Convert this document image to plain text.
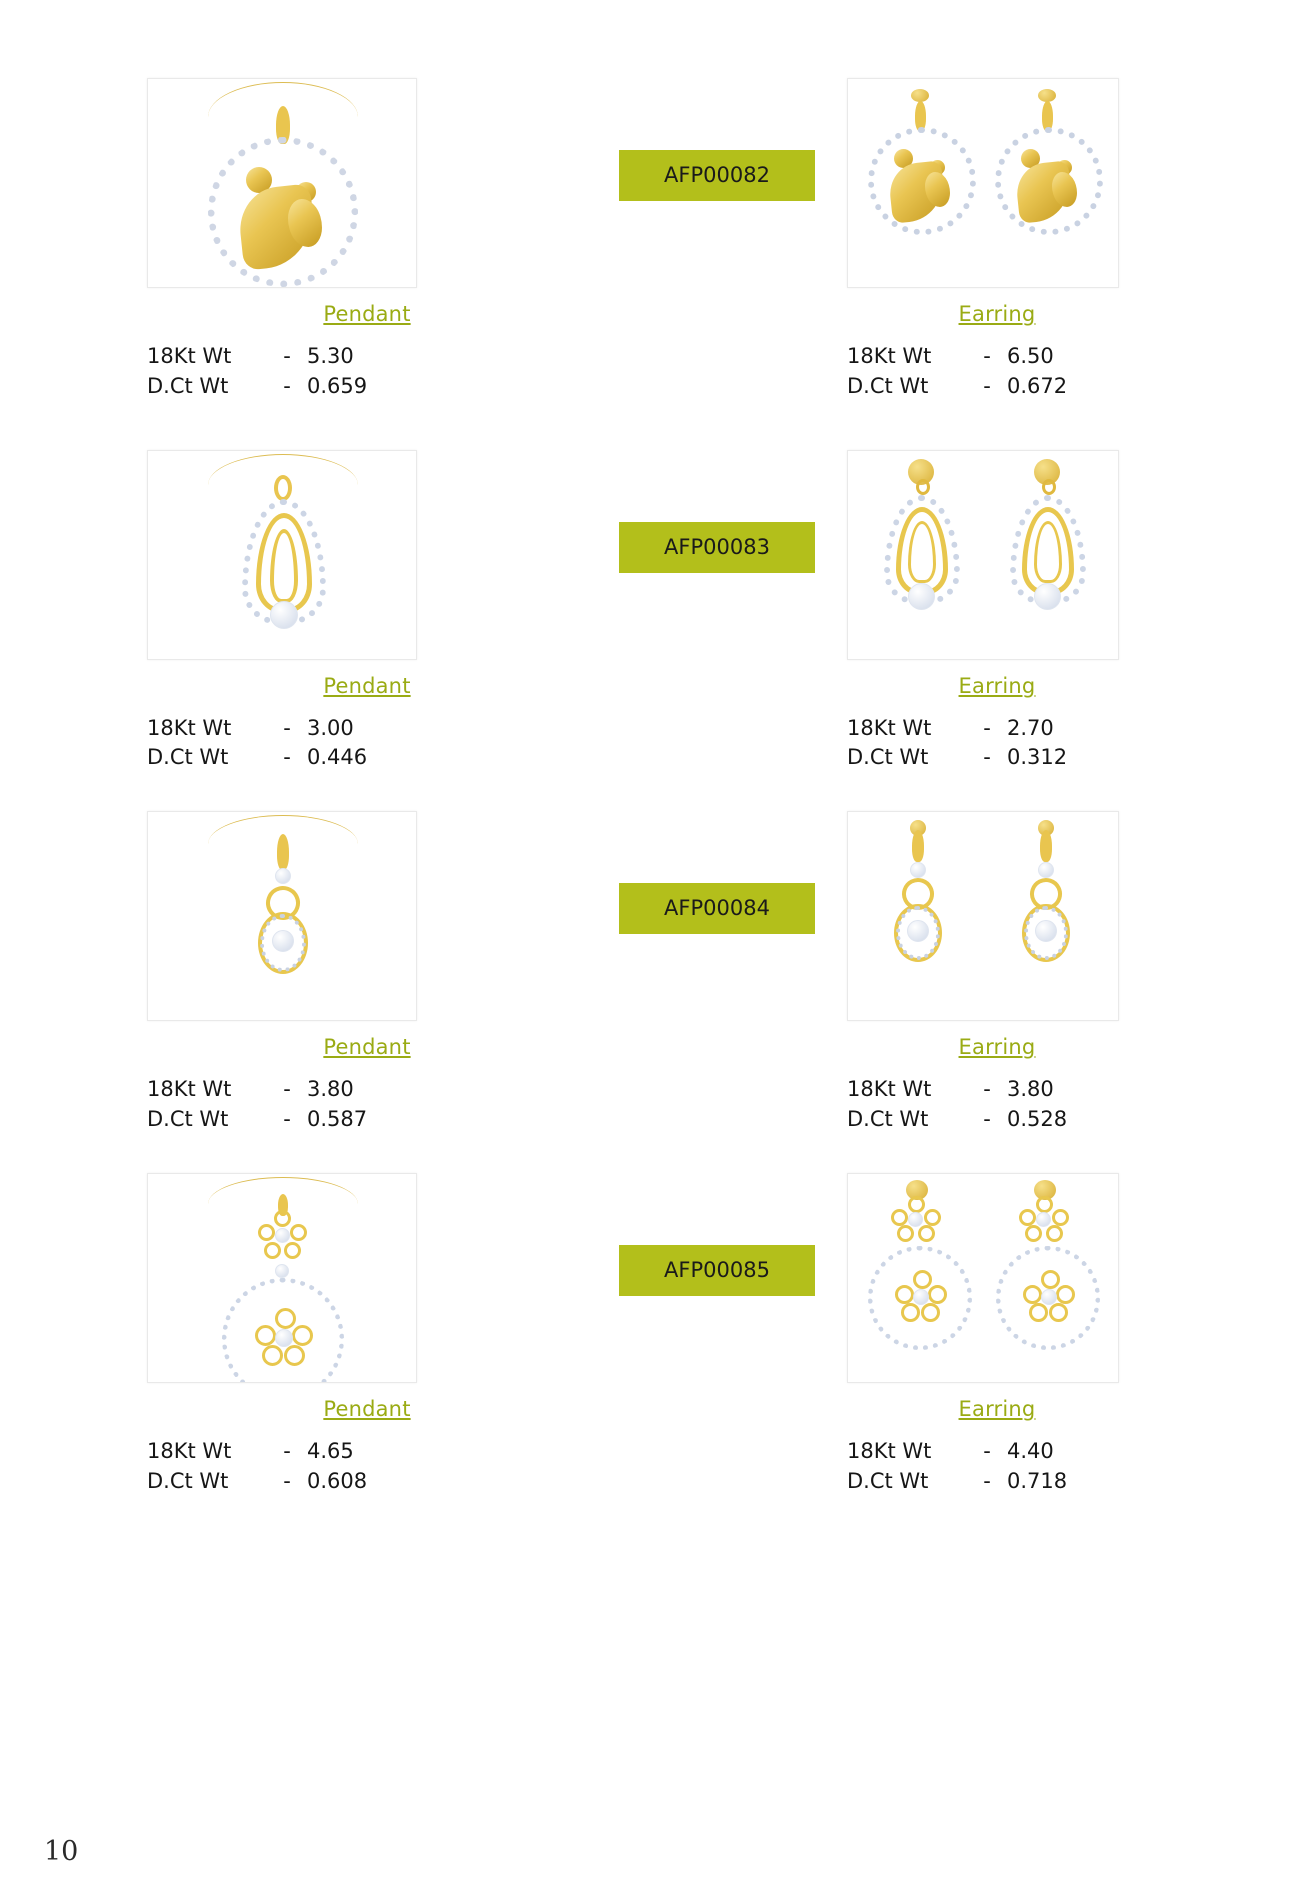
Pendant
18Kt Wt	- 5.30
D.Ct Wt	- 0.659
AFP00082
Earring
18Kt Wt	- 6.50
D.Ct Wt	- 0.672
Pendant
18Kt Wt	- 3.00
D.Ct Wt	- 0.446
AFP00083
Earring
18Kt Wt	- 2.70
D.Ct Wt	- 0.312
Pendant
18Kt Wt	- 3.80
D.Ct Wt	- 0.587
AFP00084
Earring
18Kt Wt	- 3.80
D.Ct Wt	- 0.528
Pendant
18Kt Wt	- 4.65
D.Ct Wt	- 0.608
AFP00085
Earring
18Kt Wt	- 4.40
D.Ct Wt	- 0.718
10
